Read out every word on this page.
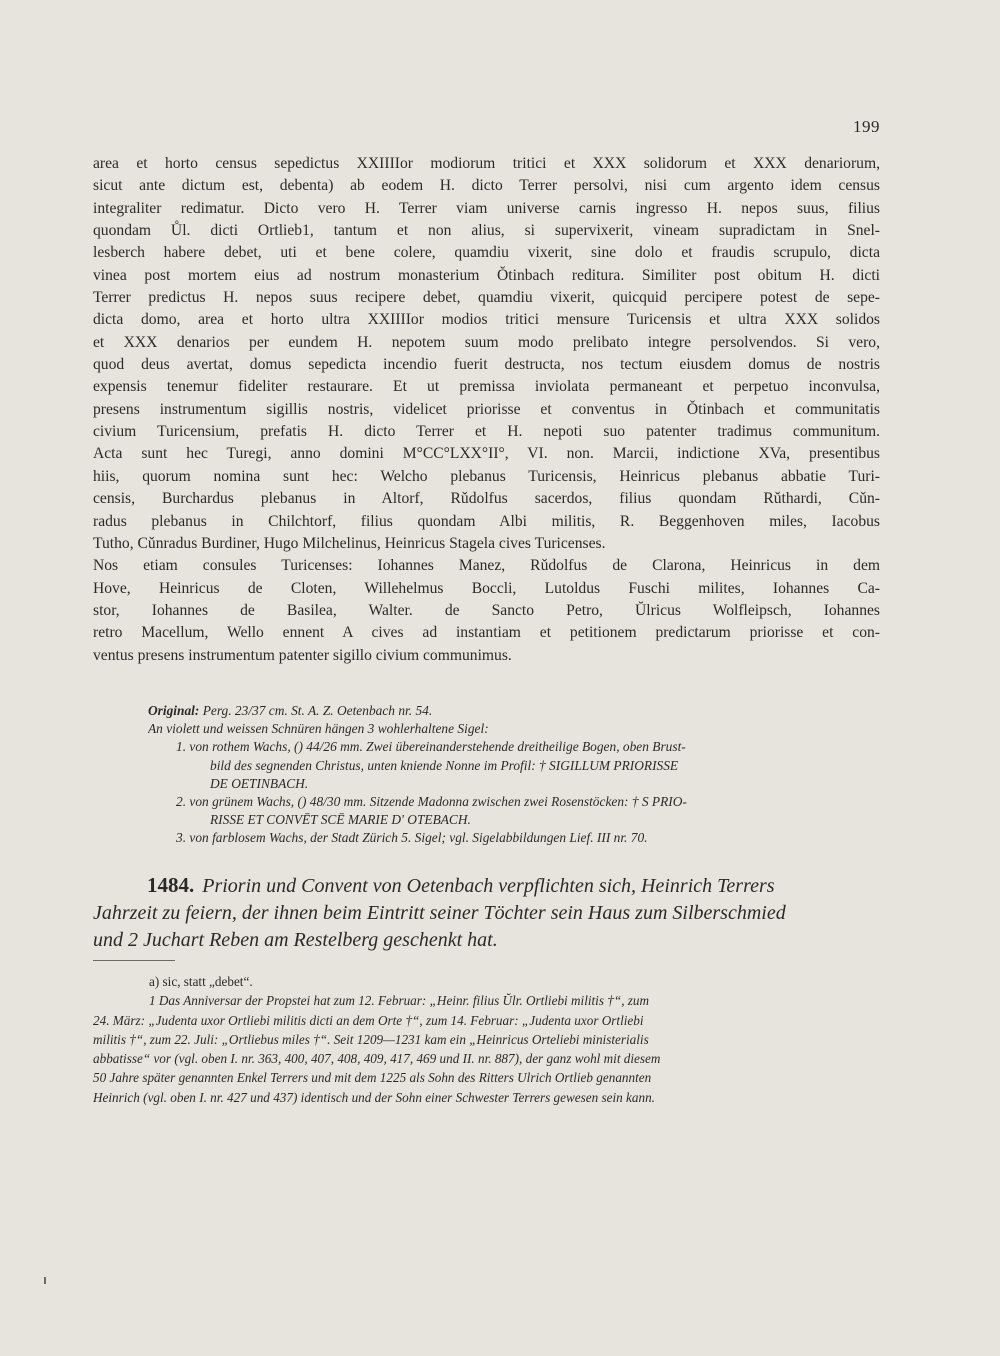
199
area et horto census sepedictus XXIIIIor modiorum tritici et XXX solidorum et XXX denariorum,
sicut ante dictum est, debenta) ab eodem H. dicto Terrer persolvi, nisi cum argento idem census
integraliter redimatur. Dicto vero H. Terrer viam universe carnis ingresso H. nepos suus, filius
quondam Ůl. dicti Ortlieb1, tantum et non alius, si supervixerit, vineam supradictam in Snel-
lesberch habere debet, uti et bene colere, quamdiu vixerit, sine dolo et fraudis scrupulo, dicta
vinea post mortem eius ad nostrum monasterium Ŏtinbach reditura. Similiter post obitum H. dicti
Terrer predictus H. nepos suus recipere debet, quamdiu vixerit, quicquid percipere potest de sepe-
dicta domo, area et horto ultra XXIIIIor modios tritici mensure Turicensis et ultra XXX solidos
et XXX denarios per eundem H. nepotem suum modo prelibato integre persolvendos. Si vero,
quod deus avertat, domus sepedicta incendio fuerit destructa, nos tectum eiusdem domus de nostris
expensis tenemur fideliter restaurare. Et ut premissa inviolata permaneant et perpetuo inconvulsa,
presens instrumentum sigillis nostris, videlicet priorisse et conventus in Ŏtinbach et communitatis
civium Turicensium, prefatis H. dicto Terrer et H. nepoti suo patenter tradimus communitum.
Acta sunt hec Turegi, anno domini M°CC°LXX°II°, VI. non. Marcii, indictione XVa, presentibus
hiis, quorum nomina sunt hec: Welcho plebanus Turicensis, Heinricus plebanus abbatie Turi-
censis, Burchardus plebanus in Altorf, Rǔdolfus sacerdos, filius quondam Rǔthardi, Cǔn-
radus plebanus in Chilchtorf, filius quondam Albi militis, R. Beggenhoven miles, Iacobus
Tutho, Cǔnradus Burdiner, Hugo Milchelinus, Heinricus Stagela cives Turicenses.
Nos etiam consules Turicenses: Iohannes Manez, Rǔdolfus de Clarona, Heinricus in dem
Hove, Heinricus de Cloten, Willehelmus Boccli, Lutoldus Fuschi milites, Iohannes Ca-
stor, Iohannes de Basilea, Walter. de Sancto Petro, Ŭlricus Wolfleipsch, Iohannes
retro Macellum, Wello ennent A cives ad instantiam et petitionem predictarum priorisse et con-
ventus presens instrumentum patenter sigillo civium communimus.
Original: Perg. 23/37 cm. St. A. Z. Oetenbach nr. 54.
An violett und weissen Schnüren hängen 3 wohlerhaltene Sigel:
1. von rothem Wachs, () 44/26 mm. Zwei übereinanderstehende dreitheilige Bogen, oben Brust-
bild des segnenden Christus, unten kniende Nonne im Profil: † SIGILLUM PRIORISSE
DE OETINBACH.
2. von grünem Wachs, () 48/30 mm. Sitzende Madonna zwischen zwei Rosenstöcken: † S PRIO-
RISSE ET CONVĒT SCĒ MARIE D' OTEBACH.
3. von farblosem Wachs, der Stadt Zürich 5. Sigel; vgl. Sigelabbildungen Lief. III nr. 70.
1484. Priorin und Convent von Oetenbach verpflichten sich, Heinrich Terrers
Jahrzeit zu feiern, der ihnen beim Eintritt seiner Töchter sein Haus zum Silberschmied
und 2 Juchart Reben am Restelberg geschenkt hat.
a) sic, statt „debet“.
1 Das Anniversar der Propstei hat zum 12. Februar: „Heinr. filius Ŭlr. Ortliebi militis †“, zum
24. März: „Judenta uxor Ortliebi militis dicti an dem Orte †“, zum 14. Februar: „Judenta uxor Ortliebi
militis †“, zum 22. Juli: „Ortliebus miles †“. Seit 1209—1231 kam ein „Heinricus Orteliebi ministerialis
abbatisse“ vor (vgl. oben I. nr. 363, 400, 407, 408, 409, 417, 469 und II. nr. 887), der ganz wohl mit diesem
50 Jahre später genannten Enkel Terrers und mit dem 1225 als Sohn des Ritters Ulrich Ortlieb genannten
Heinrich (vgl. oben I. nr. 427 und 437) identisch und der Sohn einer Schwester Terrers gewesen sein kann.
